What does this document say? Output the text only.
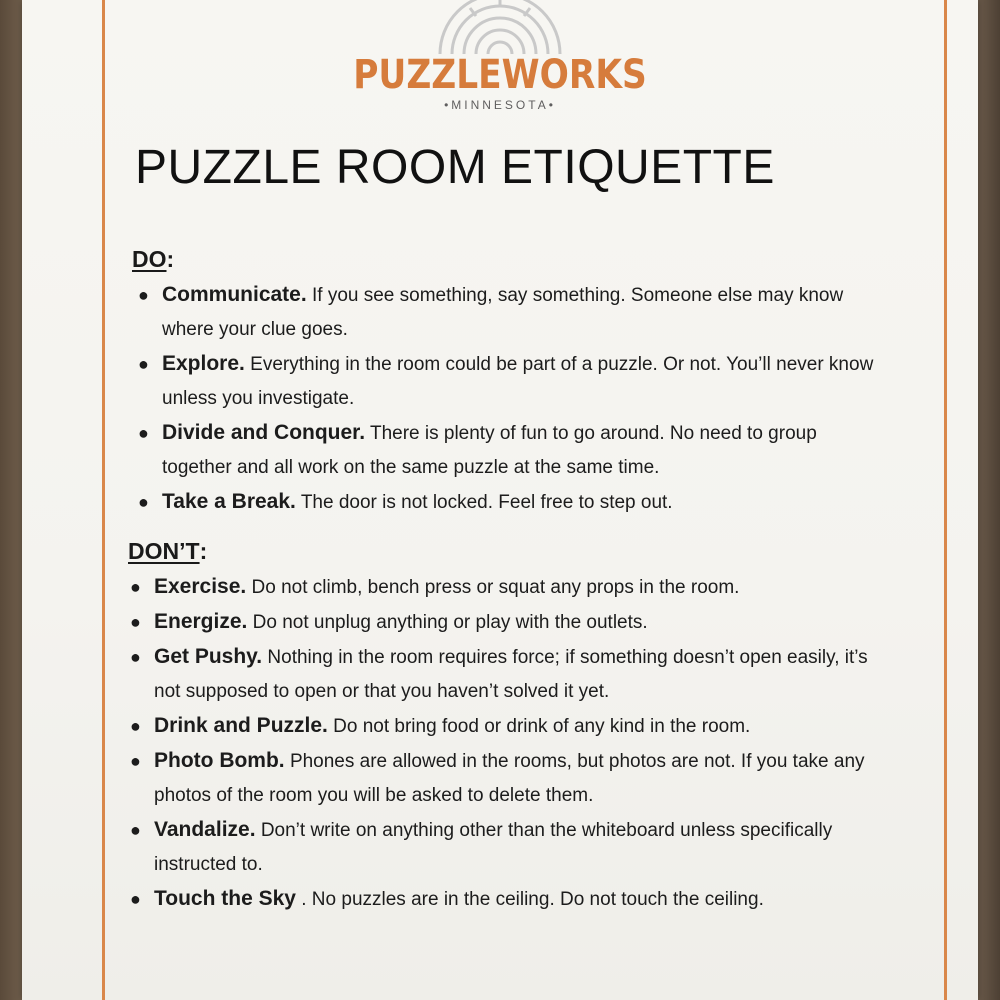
PUZZLEWORKS
•MINNESOTA•
PUZZLE ROOM ETIQUETTE
DO:
● Communicate. If you see something, say something. Someone else may know where your clue goes.
● Explore. Everything in the room could be part of a puzzle. Or not. You’ll never know unless you investigate.
● Divide and Conquer. There is plenty of fun to go around. No need to group together and all work on the same puzzle at the same time.
● Take a Break. The door is not locked. Feel free to step out.
DON’T:
● Exercise. Do not climb, bench press or squat any props in the room.
● Energize. Do not unplug anything or play with the outlets.
● Get Pushy. Nothing in the room requires force; if something doesn’t open easily, it’s not supposed to open or that you haven’t solved it yet.
● Drink and Puzzle. Do not bring food or drink of any kind in the room.
● Photo Bomb. Phones are allowed in the rooms, but photos are not. If you take any photos of the room you will be asked to delete them.
● Vandalize. Don’t write on anything other than the whiteboard unless specifically instructed to.
● Touch the Sky . No puzzles are in the ceiling. Do not touch the ceiling.
